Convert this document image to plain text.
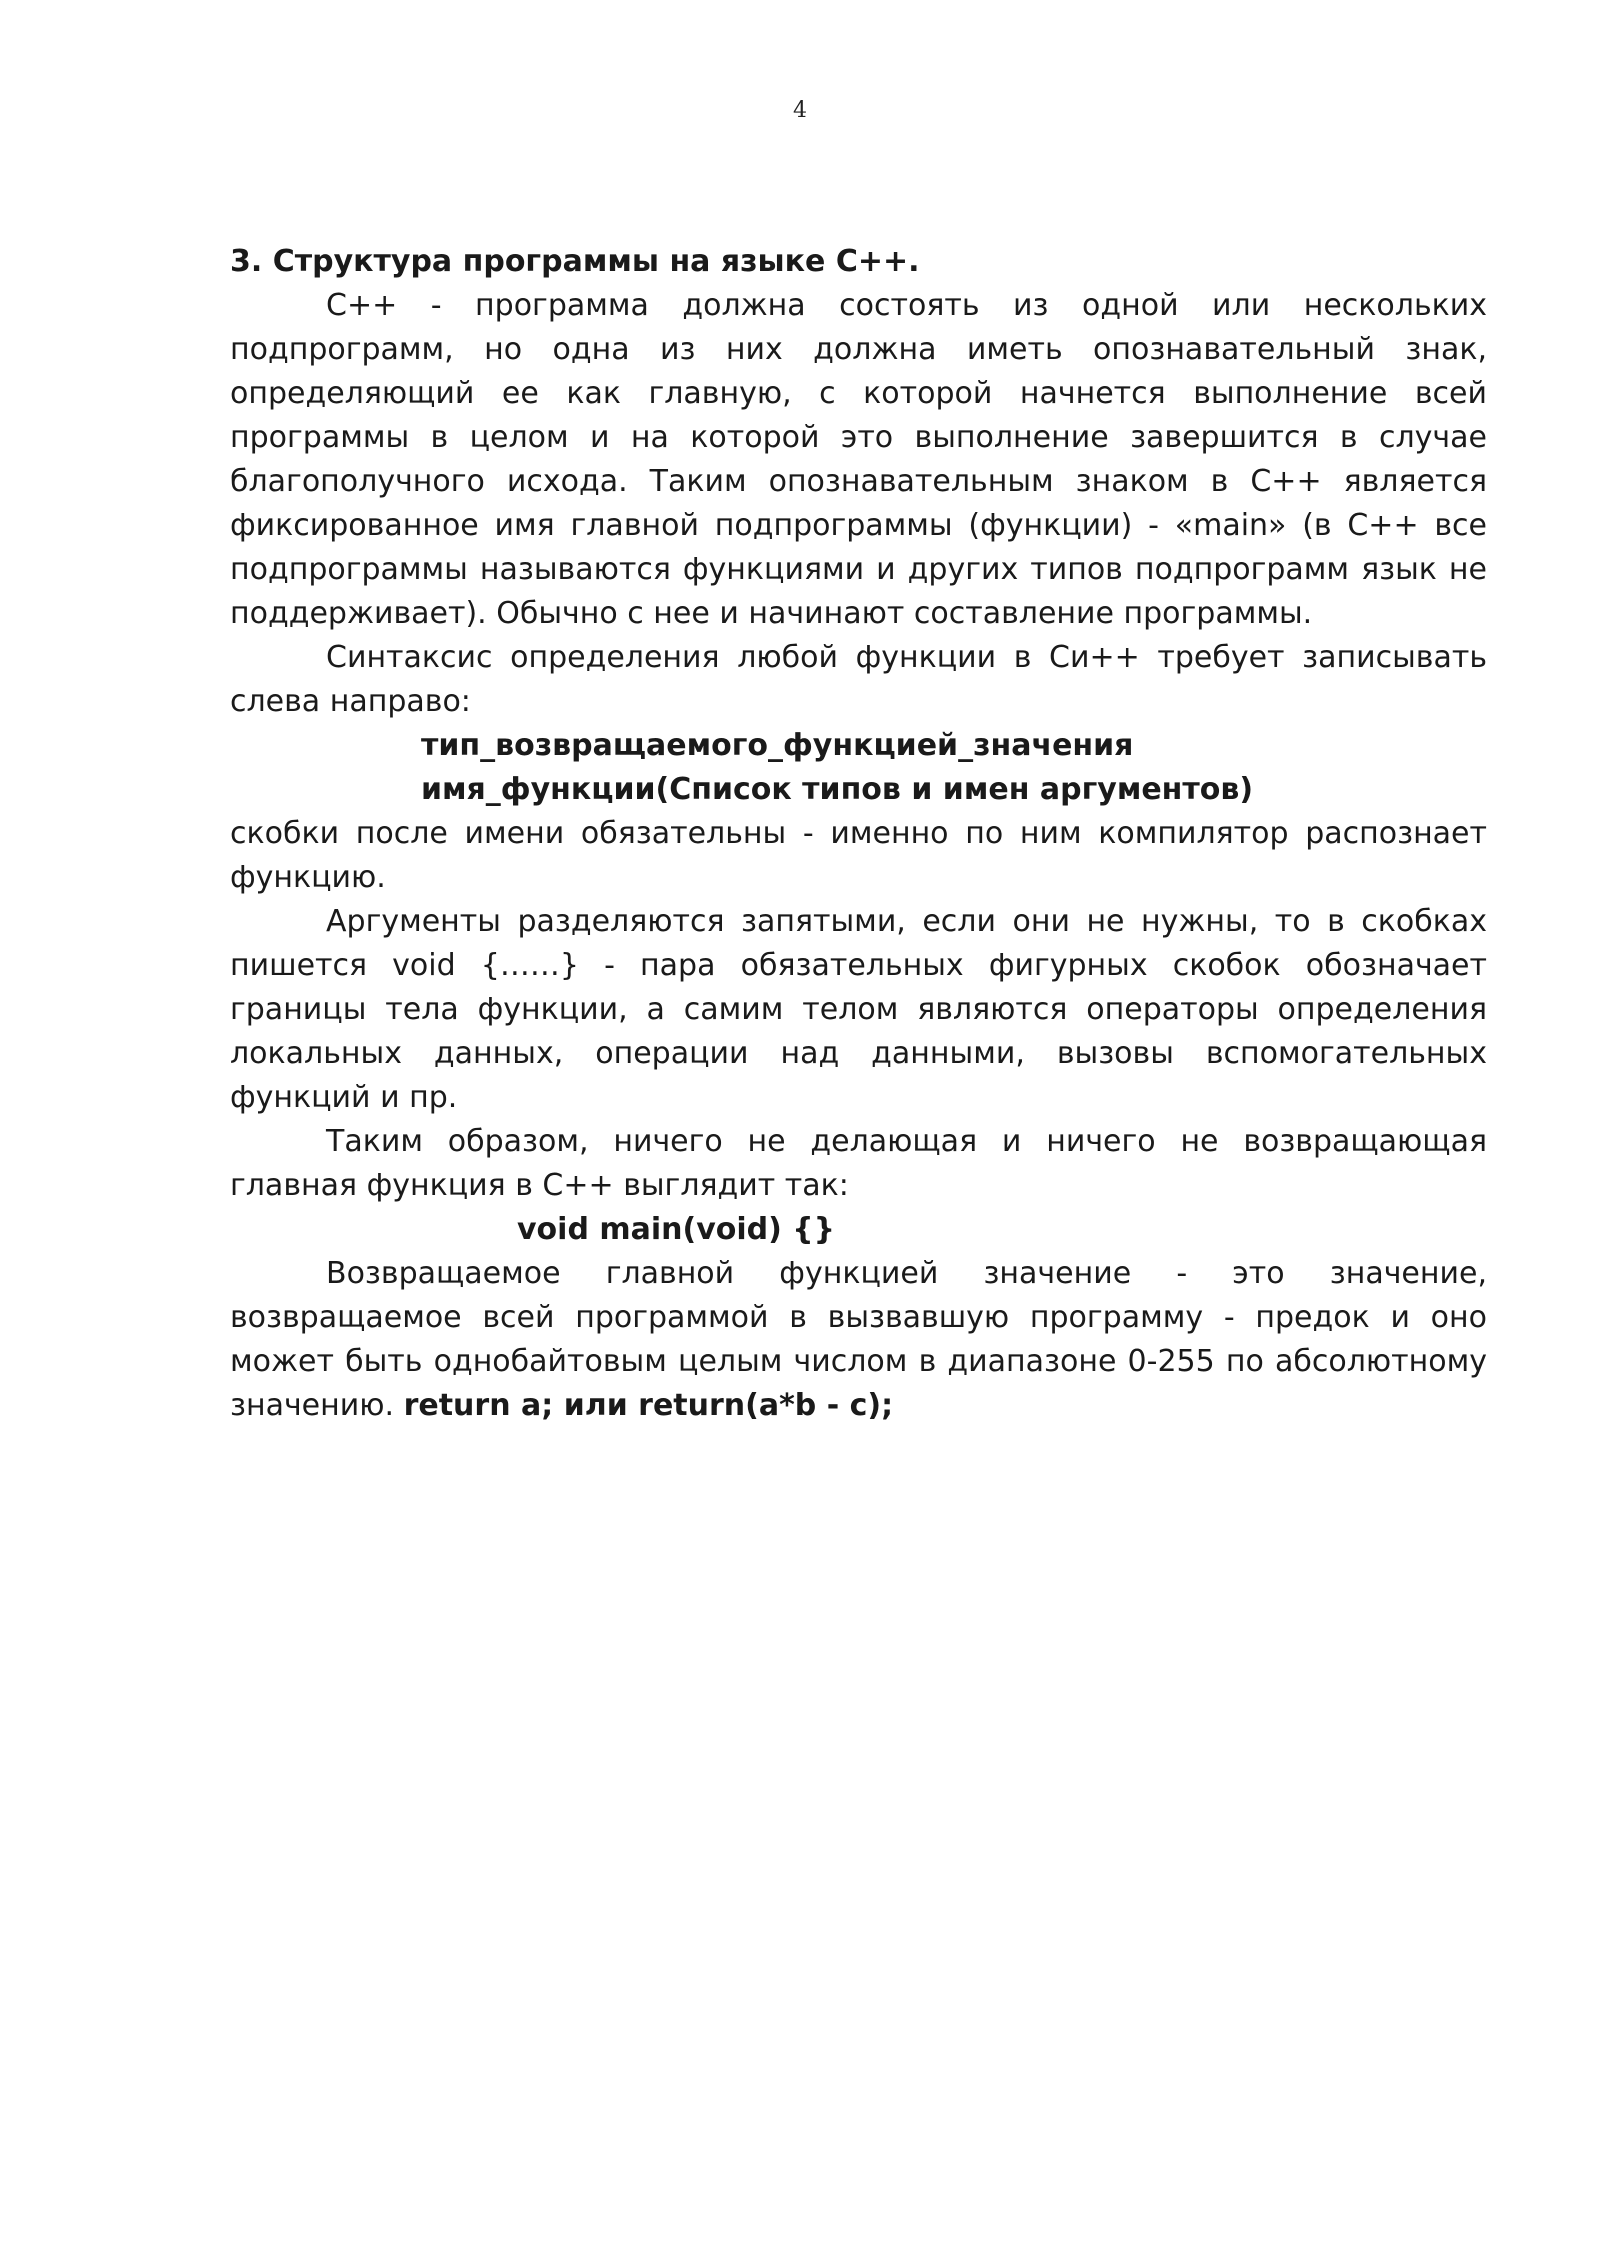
4

3. Структура программы на языке С++.

С++ - программа должна состоять из одной или нескольких подпрограмм, но одна из них должна иметь опознавательный знак, определяющий ее как главную, с которой начнется выполнение всей программы в целом и на которой это выполнение завершится в случае благополучного исхода. Таким опознавательным знаком в С++ является фиксированное имя главной подпрограммы (функции) - «main» (в С++ все подпрограммы называются функциями и других типов подпрограмм язык не поддерживает). Обычно с нее и начинают составление программы.

Синтаксис определения любой функции в Си++ требует записывать слева направо:

тип_возвращаемого_функцией_значения

имя_функции(Список типов и имен аргументов)

скобки после имени обязательны - именно по ним компилятор распознает функцию.

Аргументы разделяются запятыми, если они не нужны, то в скобках пишется void {……} - пара обязательных фигурных скобок обозначает границы тела функции, а самим телом являются операторы определения локальных данных, операции над данными, вызовы вспомогательных функций и пр.

Таким образом, ничего не делающая и ничего не возвращающая главная функция в С++ выглядит так:

void main(void) {}

Возвращаемое главной функцией значение - это значение, возвращаемое всей программой в вызвавшую программу - предок и оно может быть однобайтовым целым числом в диапазоне 0-255 по абсолютному значению. return a; или return(a*b - c);
